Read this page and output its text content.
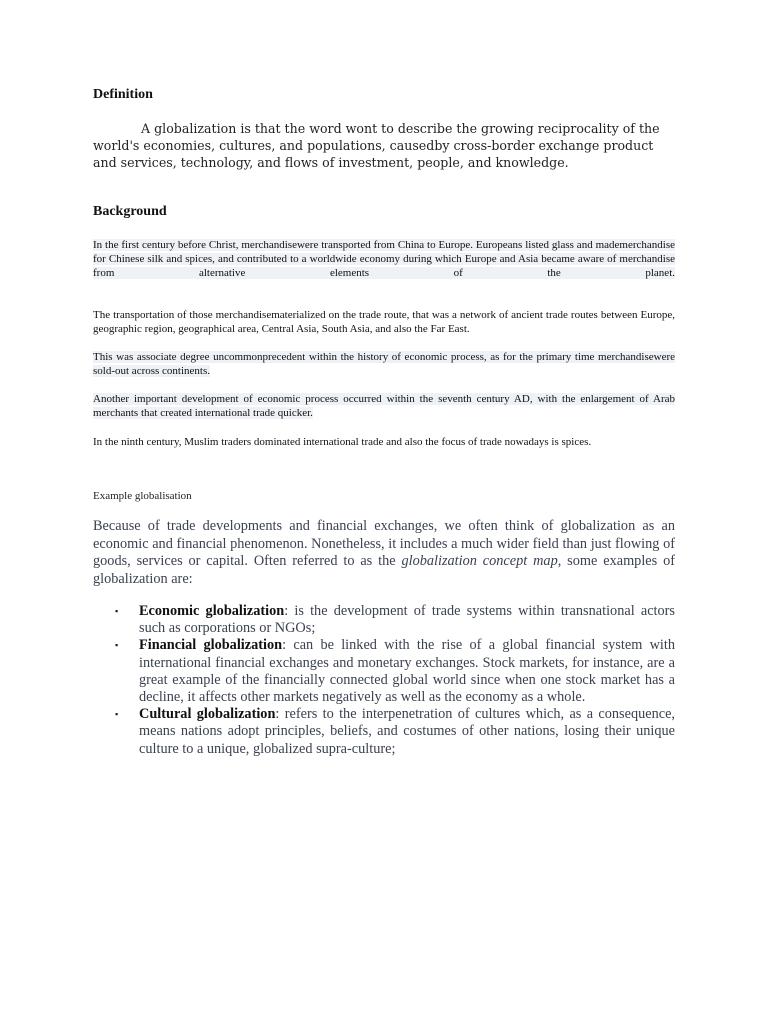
Definition
A globalization is that the word wont to describe the growing reciprocality of the world's economies, cultures, and populations, causedby cross-border exchange product and services, technology, and flows of investment, people, and knowledge.
Background
In the first century before Christ, merchandisewere transported from China to Europe. Europeans listed glass and mademerchandise for Chinese silk and spices, and contributed to a worldwide economy during which Europe and Asia became aware of merchandise from alternative elements of the planet.
The transportation of those merchandisematerialized on the trade route, that was a network of ancient trade routes between Europe, geographic region, geographical area, Central Asia, South Asia, and also the Far East.
This was associate degree uncommonprecedent within the history of economic process, as for the primary time merchandisewere sold-out across continents.
Another important development of economic process occurred within the seventh century AD, with the enlargement of Arab merchants that created international trade quicker.
In the ninth century, Muslim traders dominated international trade and also the focus of trade nowadays is spices.
Example globalisation
Because of trade developments and financial exchanges, we often think of globalization as an economic and financial phenomenon. Nonetheless, it includes a much wider field than just flowing of goods, services or capital. Often referred to as the globalization concept map, some examples of globalization are:
▪ Economic globalization: is the development of trade systems within transnational actors such as corporations or NGOs;
▪ Financial globalization: can be linked with the rise of a global financial system with international financial exchanges and monetary exchanges. Stock markets, for instance, are a great example of the financially connected global world since when one stock market has a decline, it affects other markets negatively as well as the economy as a whole.
▪ Cultural globalization: refers to the interpenetration of cultures which, as a consequence, means nations adopt principles, beliefs, and costumes of other nations, losing their unique culture to a unique, globalized supra-culture;
